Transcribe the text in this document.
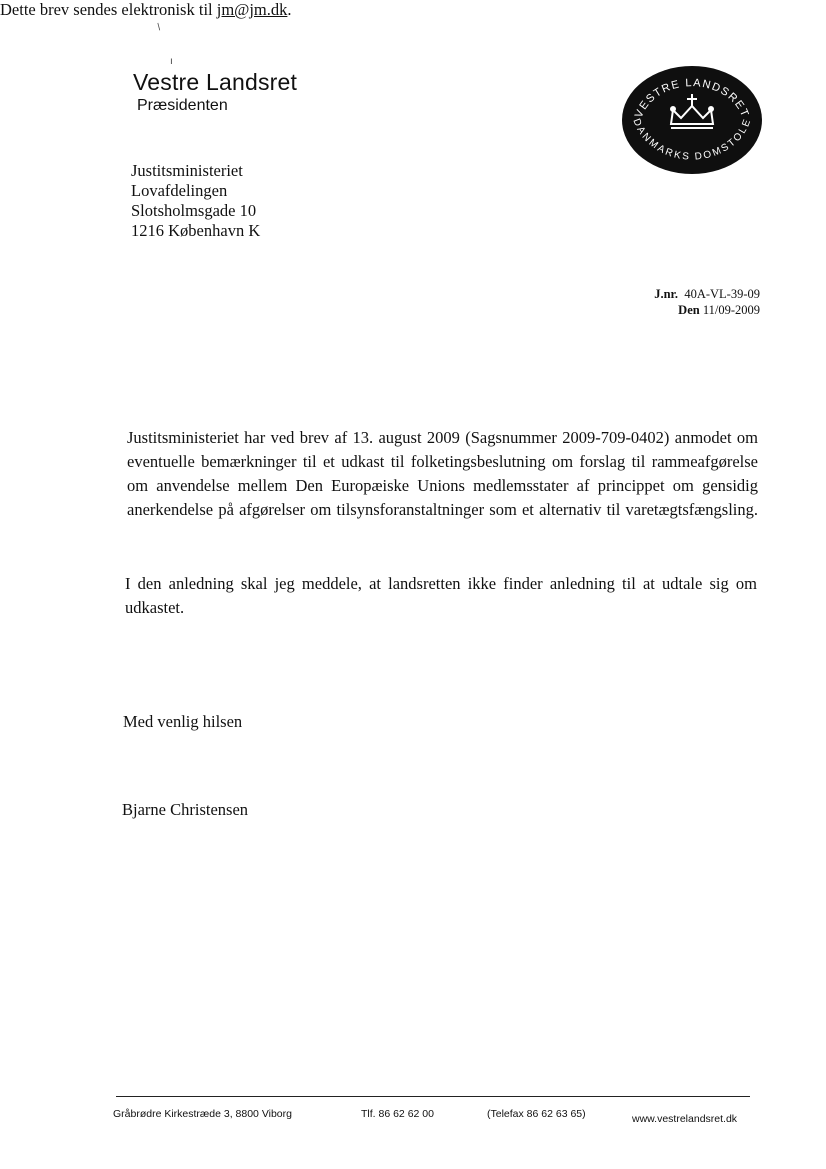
/
ı
Vestre Landsret
Præsidenten	VESTRE LANDSRET
DANMARKS DOMSTOLE
Justitsministeriet
Lovafdelingen
Slotsholmsgade 10
1216 København K
J.nr. 40A-VL-39-09
Den 11/09-2009
Justitsministeriet har ved brev af 13. august 2009 (Sagsnummer 2009-709-0402) anmodet om
eventuelle bemærkninger til et udkast til folketingsbeslutning om forslag til rammeafgørelse
om anvendelse mellem Den Europæiske Unions medlemsstater af princippet om gensidig
anerkendelse på afgørelser om tilsynsforanstaltninger som et alternativ til varetægtsfængsling.
I den anledning skal jeg meddele, at landsretten ikke finder anledning til at udtale sig om
udkastet.
Dette brev sendes elektronisk til jm@jm.dk.
Med venlig hilsen
Bjarne Christensen
Gråbrødre Kirkestræde 3, 8800 Viborg	Tlf. 86 62 62 00	(Telefax 86 62 63 65)	www.vestrelandsret.dk
